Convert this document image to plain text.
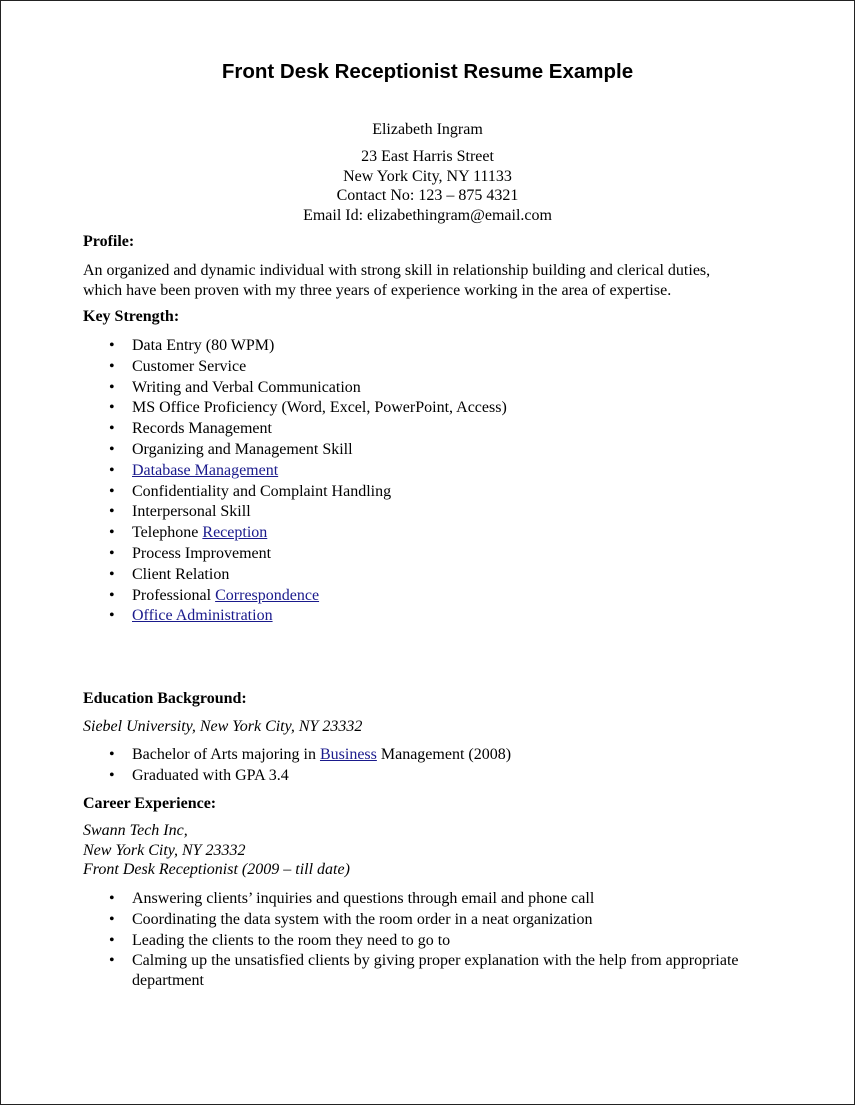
Front Desk Receptionist Resume Example
Elizabeth Ingram
23 East Harris Street
New York City, NY 11133
Contact No: 123 – 875 4321
Email Id: elizabethingram@email.com
Profile:
An organized and dynamic individual with strong skill in relationship building and clerical duties,
which have been proven with my three years of experience working in the area of expertise.
Key Strength:
• Data Entry (80 WPM)
• Customer Service
• Writing and Verbal Communication
• MS Office Proficiency (Word, Excel, PowerPoint, Access)
• Records Management
• Organizing and Management Skill
• Database Management
• Confidentiality and Complaint Handling
• Interpersonal Skill
• Telephone Reception
• Process Improvement
• Client Relation
• Professional Correspondence
• Office Administration
Education Background:
Siebel University, New York City, NY 23332
• Bachelor of Arts majoring in Business Management (2008)
• Graduated with GPA 3.4
Career Experience:
Swann Tech Inc,
New York City, NY 23332
Front Desk Receptionist (2009 – till date)
• Answering clients’ inquiries and questions through email and phone call
• Coordinating the data system with the room order in a neat organization
• Leading the clients to the room they need to go to
• Calming up the unsatisfied clients by giving proper explanation with the help from appropriate
department
